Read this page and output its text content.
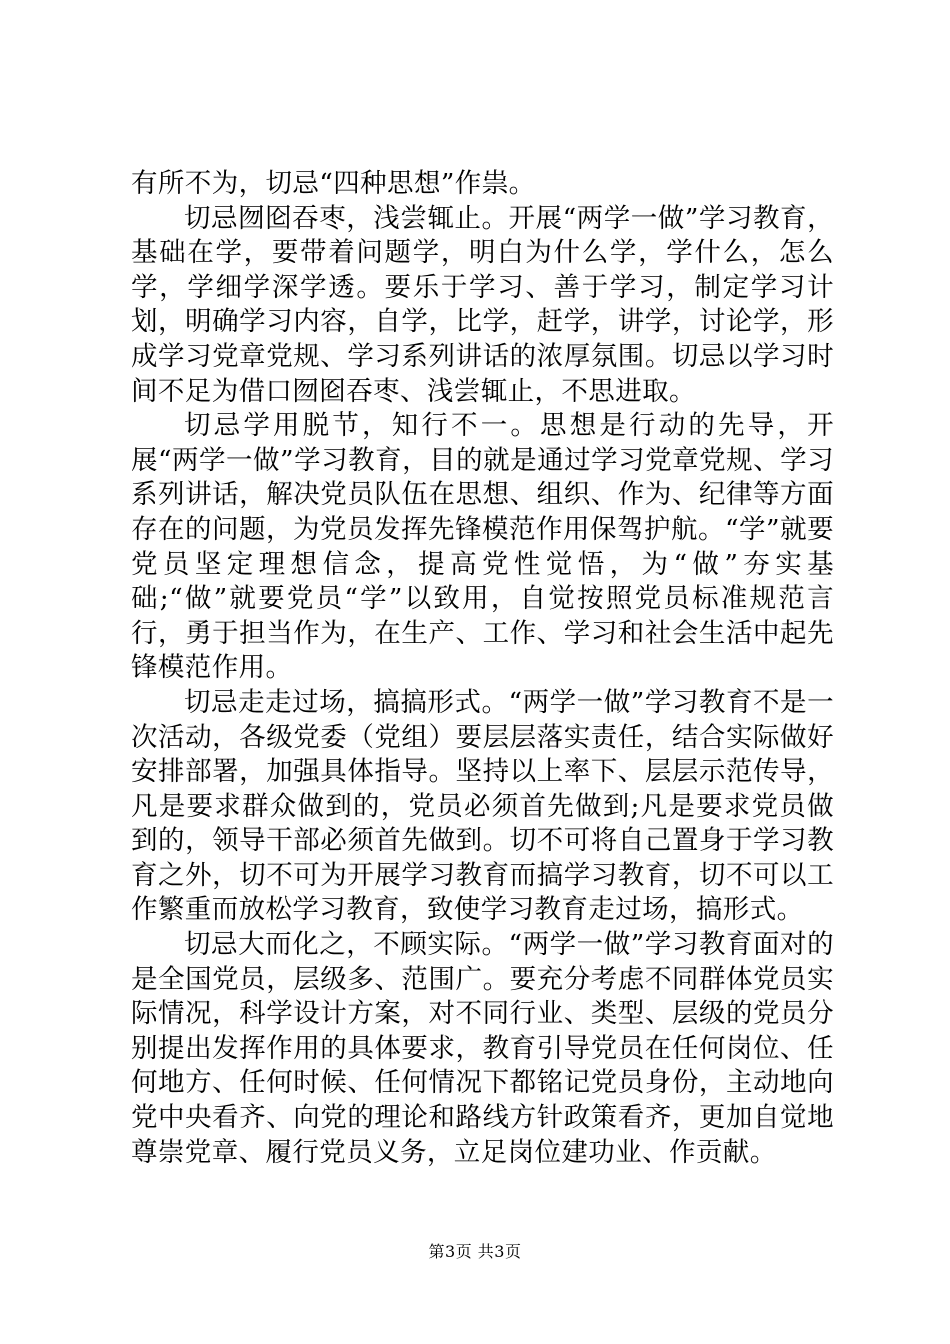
有所不为，切忌“四种思想”作祟。

切忌囫囵吞枣，浅尝辄止。开展“两学一做”学习教育，基础在学，要带着问题学，明白为什么学，学什么，怎么学，学细学深学透。要乐于学习、善于学习，制定学习计划，明确学习内容，自学，比学，赶学，讲学，讨论学，形成学习党章党规、学习系列讲话的浓厚氛围。切忌以学习时间不足为借口囫囵吞枣、浅尝辄止，不思进取。

切忌学用脱节，知行不一。思想是行动的先导，开展“两学一做”学习教育，目的就是通过学习党章党规、学习系列讲话，解决党员队伍在思想、组织、作为、纪律等方面存在的问题，为党员发挥先锋模范作用保驾护航。“学”就要党员坚定理想信念，提高党性觉悟，为“做”夯实基础;“做”就要党员“学”以致用，自觉按照党员标准规范言行，勇于担当作为，在生产、工作、学习和社会生活中起先锋模范作用。

切忌走走过场，搞搞形式。“两学一做”学习教育不是一次活动，各级党委（党组）要层层落实责任，结合实际做好安排部署，加强具体指导。坚持以上率下、层层示范传导，凡是要求群众做到的，党员必须首先做到;凡是要求党员做到的，领导干部必须首先做到。切不可将自己置身于学习教育之外，切不可为开展学习教育而搞学习教育，切不可以工作繁重而放松学习教育，致使学习教育走过场，搞形式。

切忌大而化之，不顾实际。“两学一做”学习教育面对的是全国党员，层级多、范围广。要充分考虑不同群体党员实际情况，科学设计方案，对不同行业、类型、层级的党员分别提出发挥作用的具体要求，教育引导党员在任何岗位、任何地方、任何时候、任何情况下都铭记党员身份，主动地向党中央看齐、向党的理论和路线方针政策看齐，更加自觉地尊崇党章、履行党员义务，立足岗位建功业、作贡献。

第3页 共3页
